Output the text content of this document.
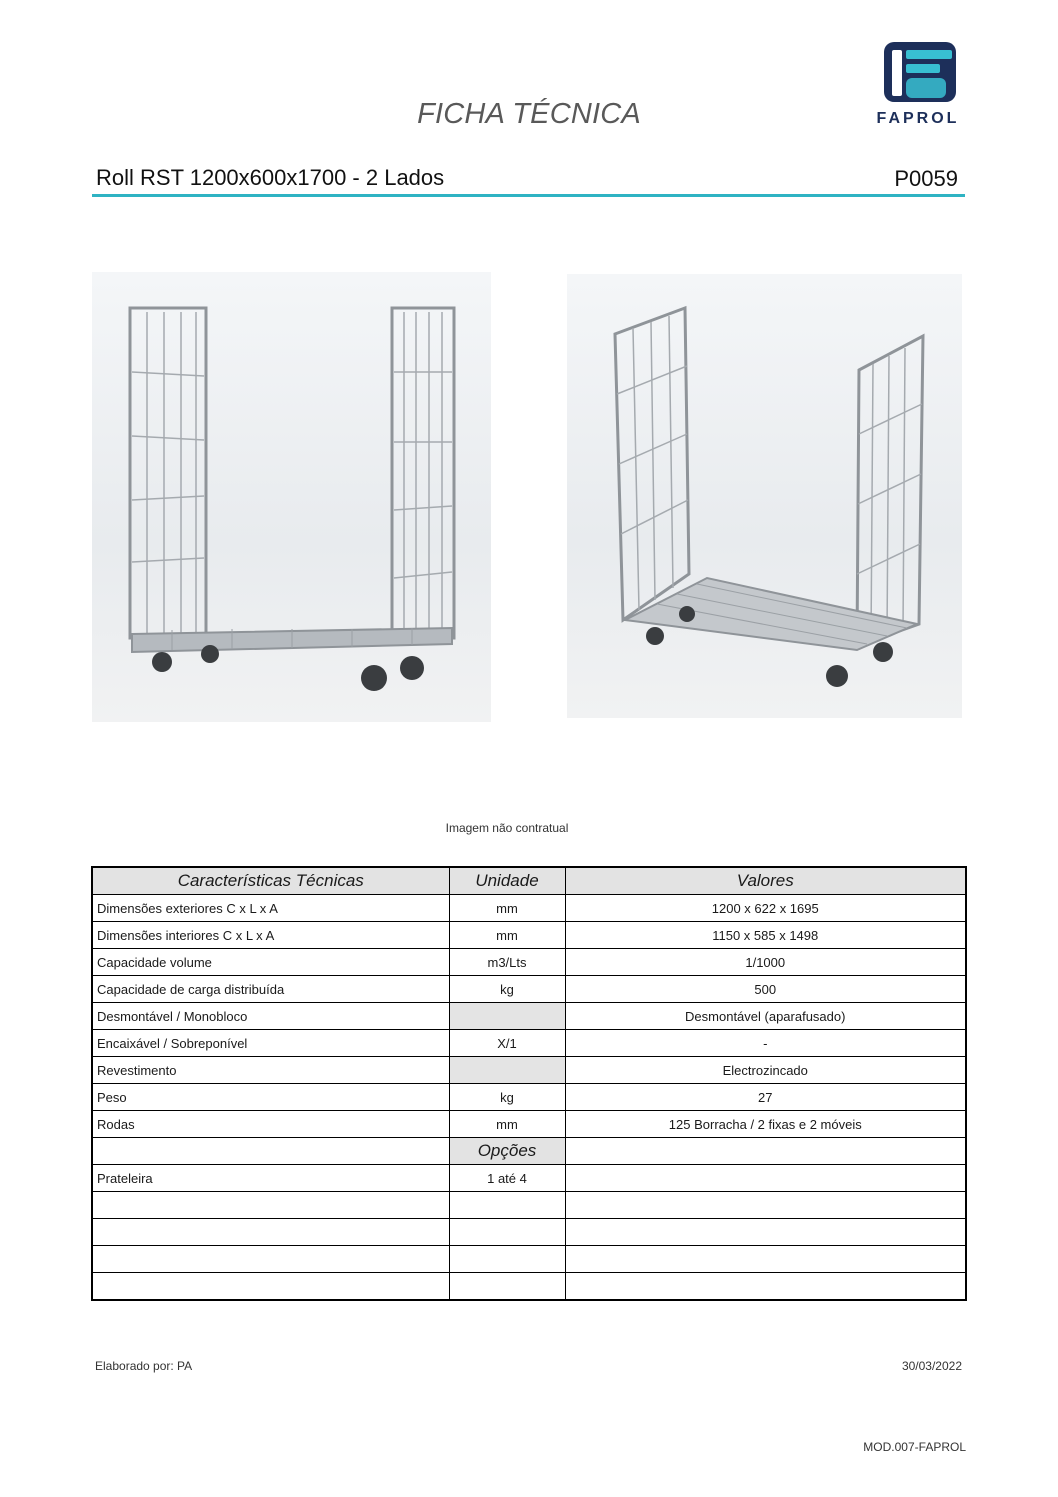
FICHA TÉCNICA	FAPROL
Roll RST 1200x600x1700 - 2 Lados	P0059
Imagem não contratual
Características Técnicas	Unidade	Valores
Dimensões exteriores C x L x A	mm	1200 x 622 x 1695
Dimensões interiores C x L x A	mm	1150 x 585 x 1498
Capacidade volume	m3/Lts	1/1000
Capacidade de carga distribuída	kg	500
Desmontável / Monobloco		Desmontável (aparafusado)
Encaixável / Sobreponível	X/1	-
Revestimento		Electrozincado
Peso	kg	27
Rodas	mm	125 Borracha / 2 fixas e 2 móveis
	Opções	
Prateleira	1 até 4	

Elaborado por: PA	30/03/2022
MOD.007-FAPROL
